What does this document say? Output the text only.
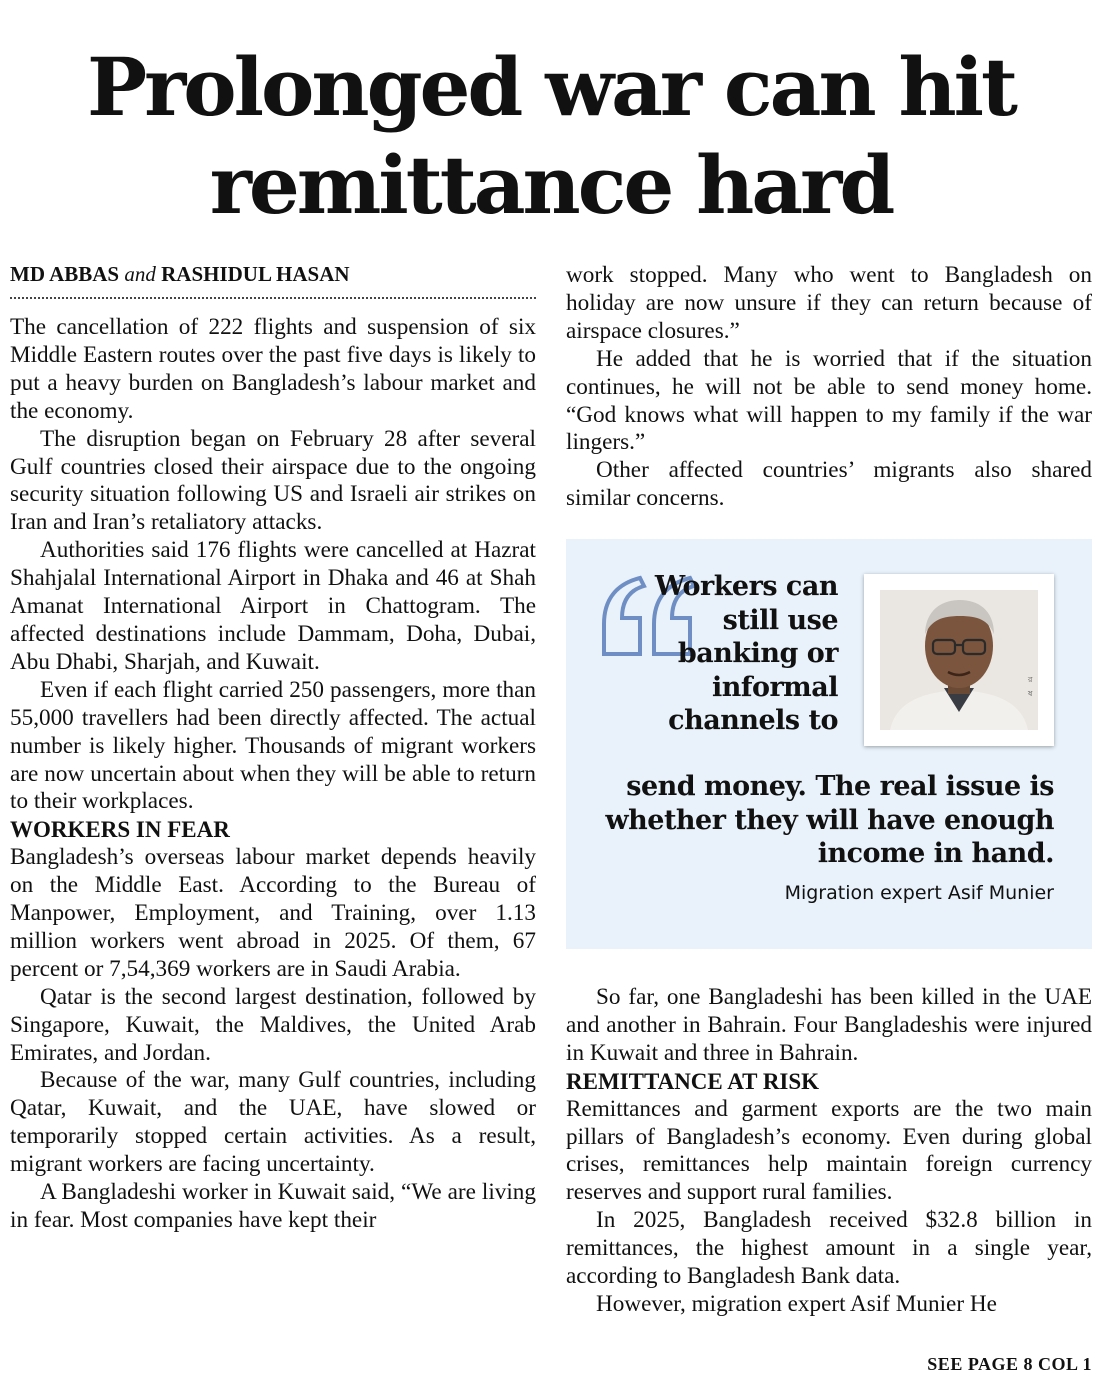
Prolonged war can hit
remittance hard
MD ABBAS and RASHIDUL HASAN

The cancellation of 222 flights and suspension of six Middle Eastern routes over the past five days is likely to put a heavy burden on Bangladesh’s labour market and the economy.

The disruption began on February 28 after several Gulf countries closed their airspace due to the ongoing security situation following US and Israeli air strikes on Iran and Iran’s retaliatory attacks.

Authorities said 176 flights were cancelled at Hazrat Shahjalal International Airport in Dhaka and 46 at Shah Amanat International Airport in Chattogram. The affected destinations include Dammam, Doha, Dubai, Abu Dhabi, Sharjah, and Kuwait.

Even if each flight carried 250 passengers, more than 55,000 travellers had been directly affected. The actual number is likely higher. Thousands of migrant workers are now uncertain about when they will be able to return to their workplaces.

WORKERS IN FEAR

Bangladesh’s overseas labour market depends heavily on the Middle East. According to the Bureau of Manpower, Employment, and Training, over 1.13 million workers went abroad in 2025. Of them, 67 percent or 7,54,369 workers are in Saudi Arabia.

Qatar is the second largest destination, followed by Singapore, Kuwait, the Maldives, the United Arab Emirates, and Jordan.

Because of the war, many Gulf countries, including Qatar, Kuwait, and the UAE, have slowed or temporarily stopped certain activities. As a result, migrant workers are facing uncertainty.

A Bangladeshi worker in Kuwait said, “We are living in fear. Most companies have kept their

work stopped. Many who went to Bangladesh on holiday are now unsure if they can return because of airspace closures.”

He added that he is worried that if the situation continues, he will not be able to send money home. “God knows what will happen to my family if the war lingers.”

Other affected countries’ migrants also shared similar concerns.

Workers can still use banking or informal channels to
send money. The real issue is whether they will have enough income in hand.
Migration expert Asif Munier
র
ষ

So far, one Bangladeshi has been killed in the UAE and another in Bahrain. Four Bangladeshis were injured in Kuwait and three in Bahrain.

REMITTANCE AT RISK

Remittances and garment exports are the two main pillars of Bangladesh’s economy. Even during global crises, remittances help maintain foreign currency reserves and support rural families.

In 2025, Bangladesh received $32.8 billion in remittances, the highest amount in a single year, according to Bangladesh Bank data.

However, migration expert Asif Munier He

SEE PAGE 8 COL 1
